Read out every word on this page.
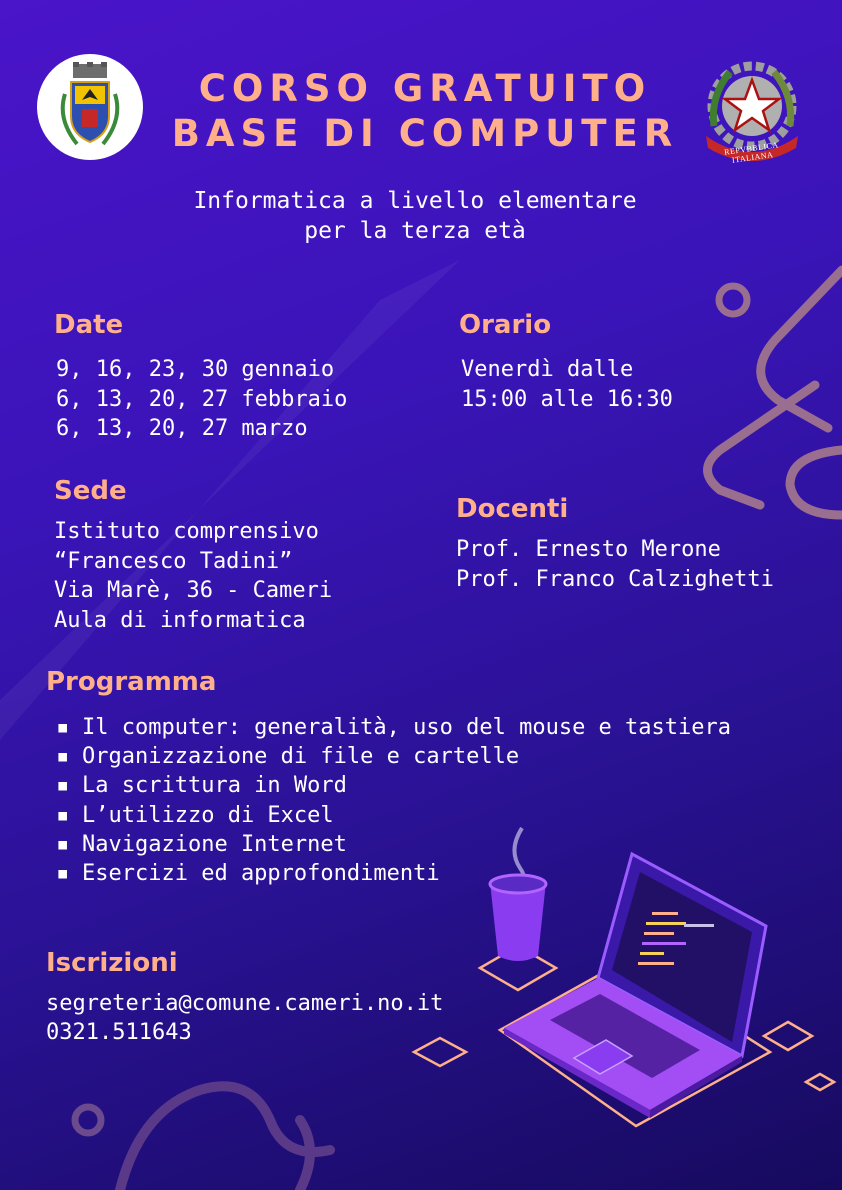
CORSO GRATUITO
BASE DI COMPUTER	REPVBBLICA ITALIANA
Informatica a livello elementare
per la terza età
Date
9, 16, 23, 30 gennaio
6, 13, 20, 27 febbraio
6, 13, 20, 27 marzo
Orario
Venerdì dalle
15:00 alle 16:30
Sede
Istituto comprensivo
“Francesco Tadini”
Via Marè, 36 - Cameri
Aula di informatica
Docenti
Prof. Ernesto Merone
Prof. Franco Calzighetti
Programma
▪ Il computer: generalità, uso del mouse e tastiera
▪ Organizzazione di file e cartelle
▪ La scrittura in Word
▪ L’utilizzo di Excel
▪ Navigazione Internet
▪ Esercizi ed approfondimenti
Iscrizioni
segreteria@comune.cameri.no.it
0321.511643
